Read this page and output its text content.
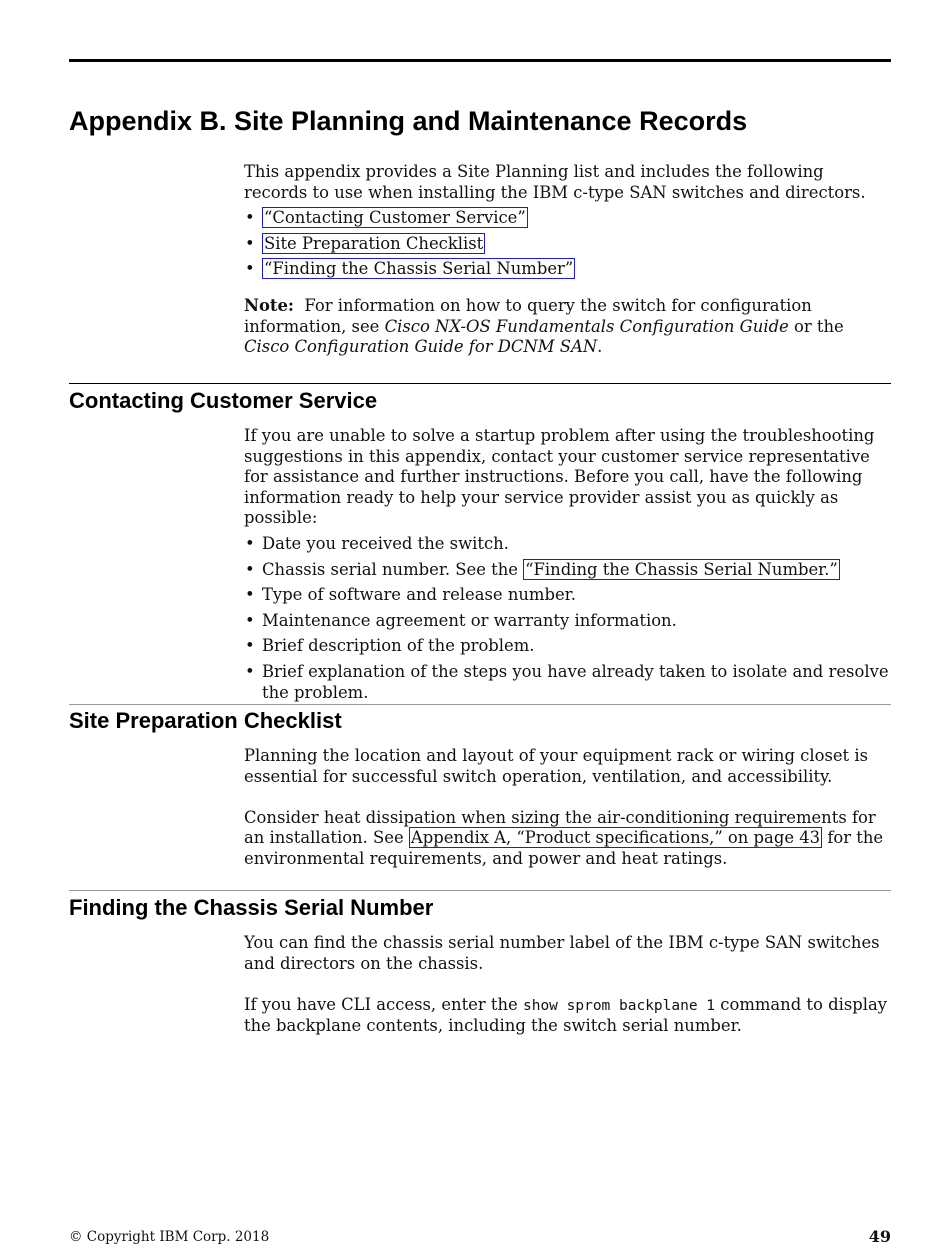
Appendix B. Site Planning and Maintenance Records

This appendix provides a Site Planning list and includes the following records to use when installing the IBM c-type SAN switches and directors.

• “Contacting Customer Service”
• Site Preparation Checklist
• “Finding the Chassis Serial Number”

Note: For information on how to query the switch for configuration information, see Cisco NX-OS Fundamentals Configuration Guide or the Cisco Configuration Guide for DCNM SAN.

Contacting Customer Service

If you are unable to solve a startup problem after using the troubleshooting suggestions in this appendix, contact your customer service representative for assistance and further instructions. Before you call, have the following information ready to help your service provider assist you as quickly as possible:

• Date you received the switch.
• Chassis serial number. See the “Finding the Chassis Serial Number.”
• Type of software and release number.
• Maintenance agreement or warranty information.
• Brief description of the problem.
• Brief explanation of the steps you have already taken to isolate and resolve the problem.
Site Preparation Checklist

Planning the location and layout of your equipment rack or wiring closet is essential for successful switch operation, ventilation, and accessibility.

Consider heat dissipation when sizing the air-conditioning requirements for an installation. See Appendix A, “Product specifications,” on page 43 for the environmental requirements, and power and heat ratings.

Finding the Chassis Serial Number

You can find the chassis serial number label of the IBM c-type SAN switches and directors on the chassis.

If you have CLI access, enter the show sprom backplane 1 command to display the backplane contents, including the switch serial number.

© Copyright IBM Corp. 2018	49
